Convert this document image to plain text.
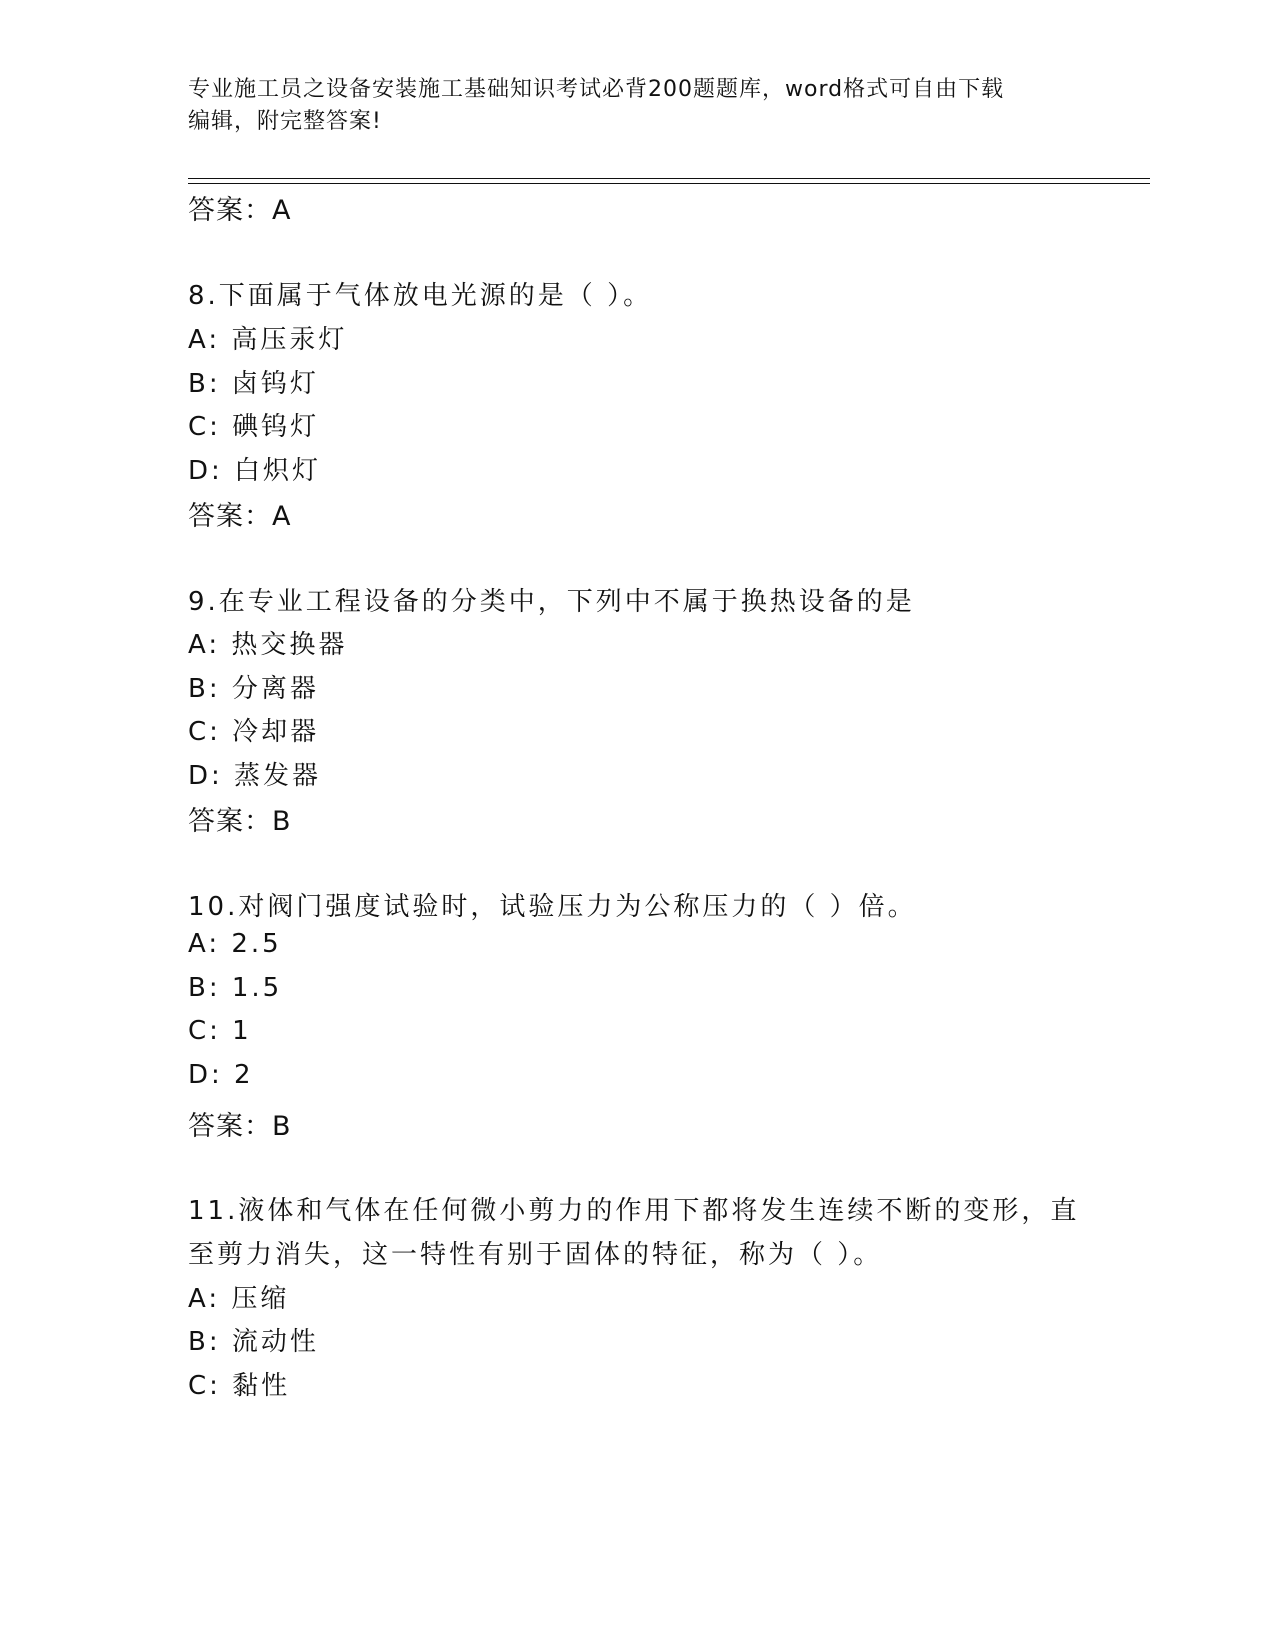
专业施工员之设备安装施工基础知识考试必背200题题库，word格式可自由下载
编辑，附完整答案!
答案：A
8.下面属于气体放电光源的是（ ）。
A: 高压汞灯
B: 卤钨灯
C: 碘钨灯
D: 白炽灯
答案：A
9.在专业工程设备的分类中，下列中不属于换热设备的是
A: 热交换器
B: 分离器
C: 冷却器
D: 蒸发器
答案：B
10.对阀门强度试验时，试验压力为公称压力的（ ）倍。
A: 2.5
B: 1.5
C: 1
D: 2
答案：B
11.液体和气体在任何微小剪力的作用下都将发生连续不断的变形，直
至剪力消失，这一特性有别于固体的特征，称为（ ）。
A: 压缩
B: 流动性
C: 黏性
